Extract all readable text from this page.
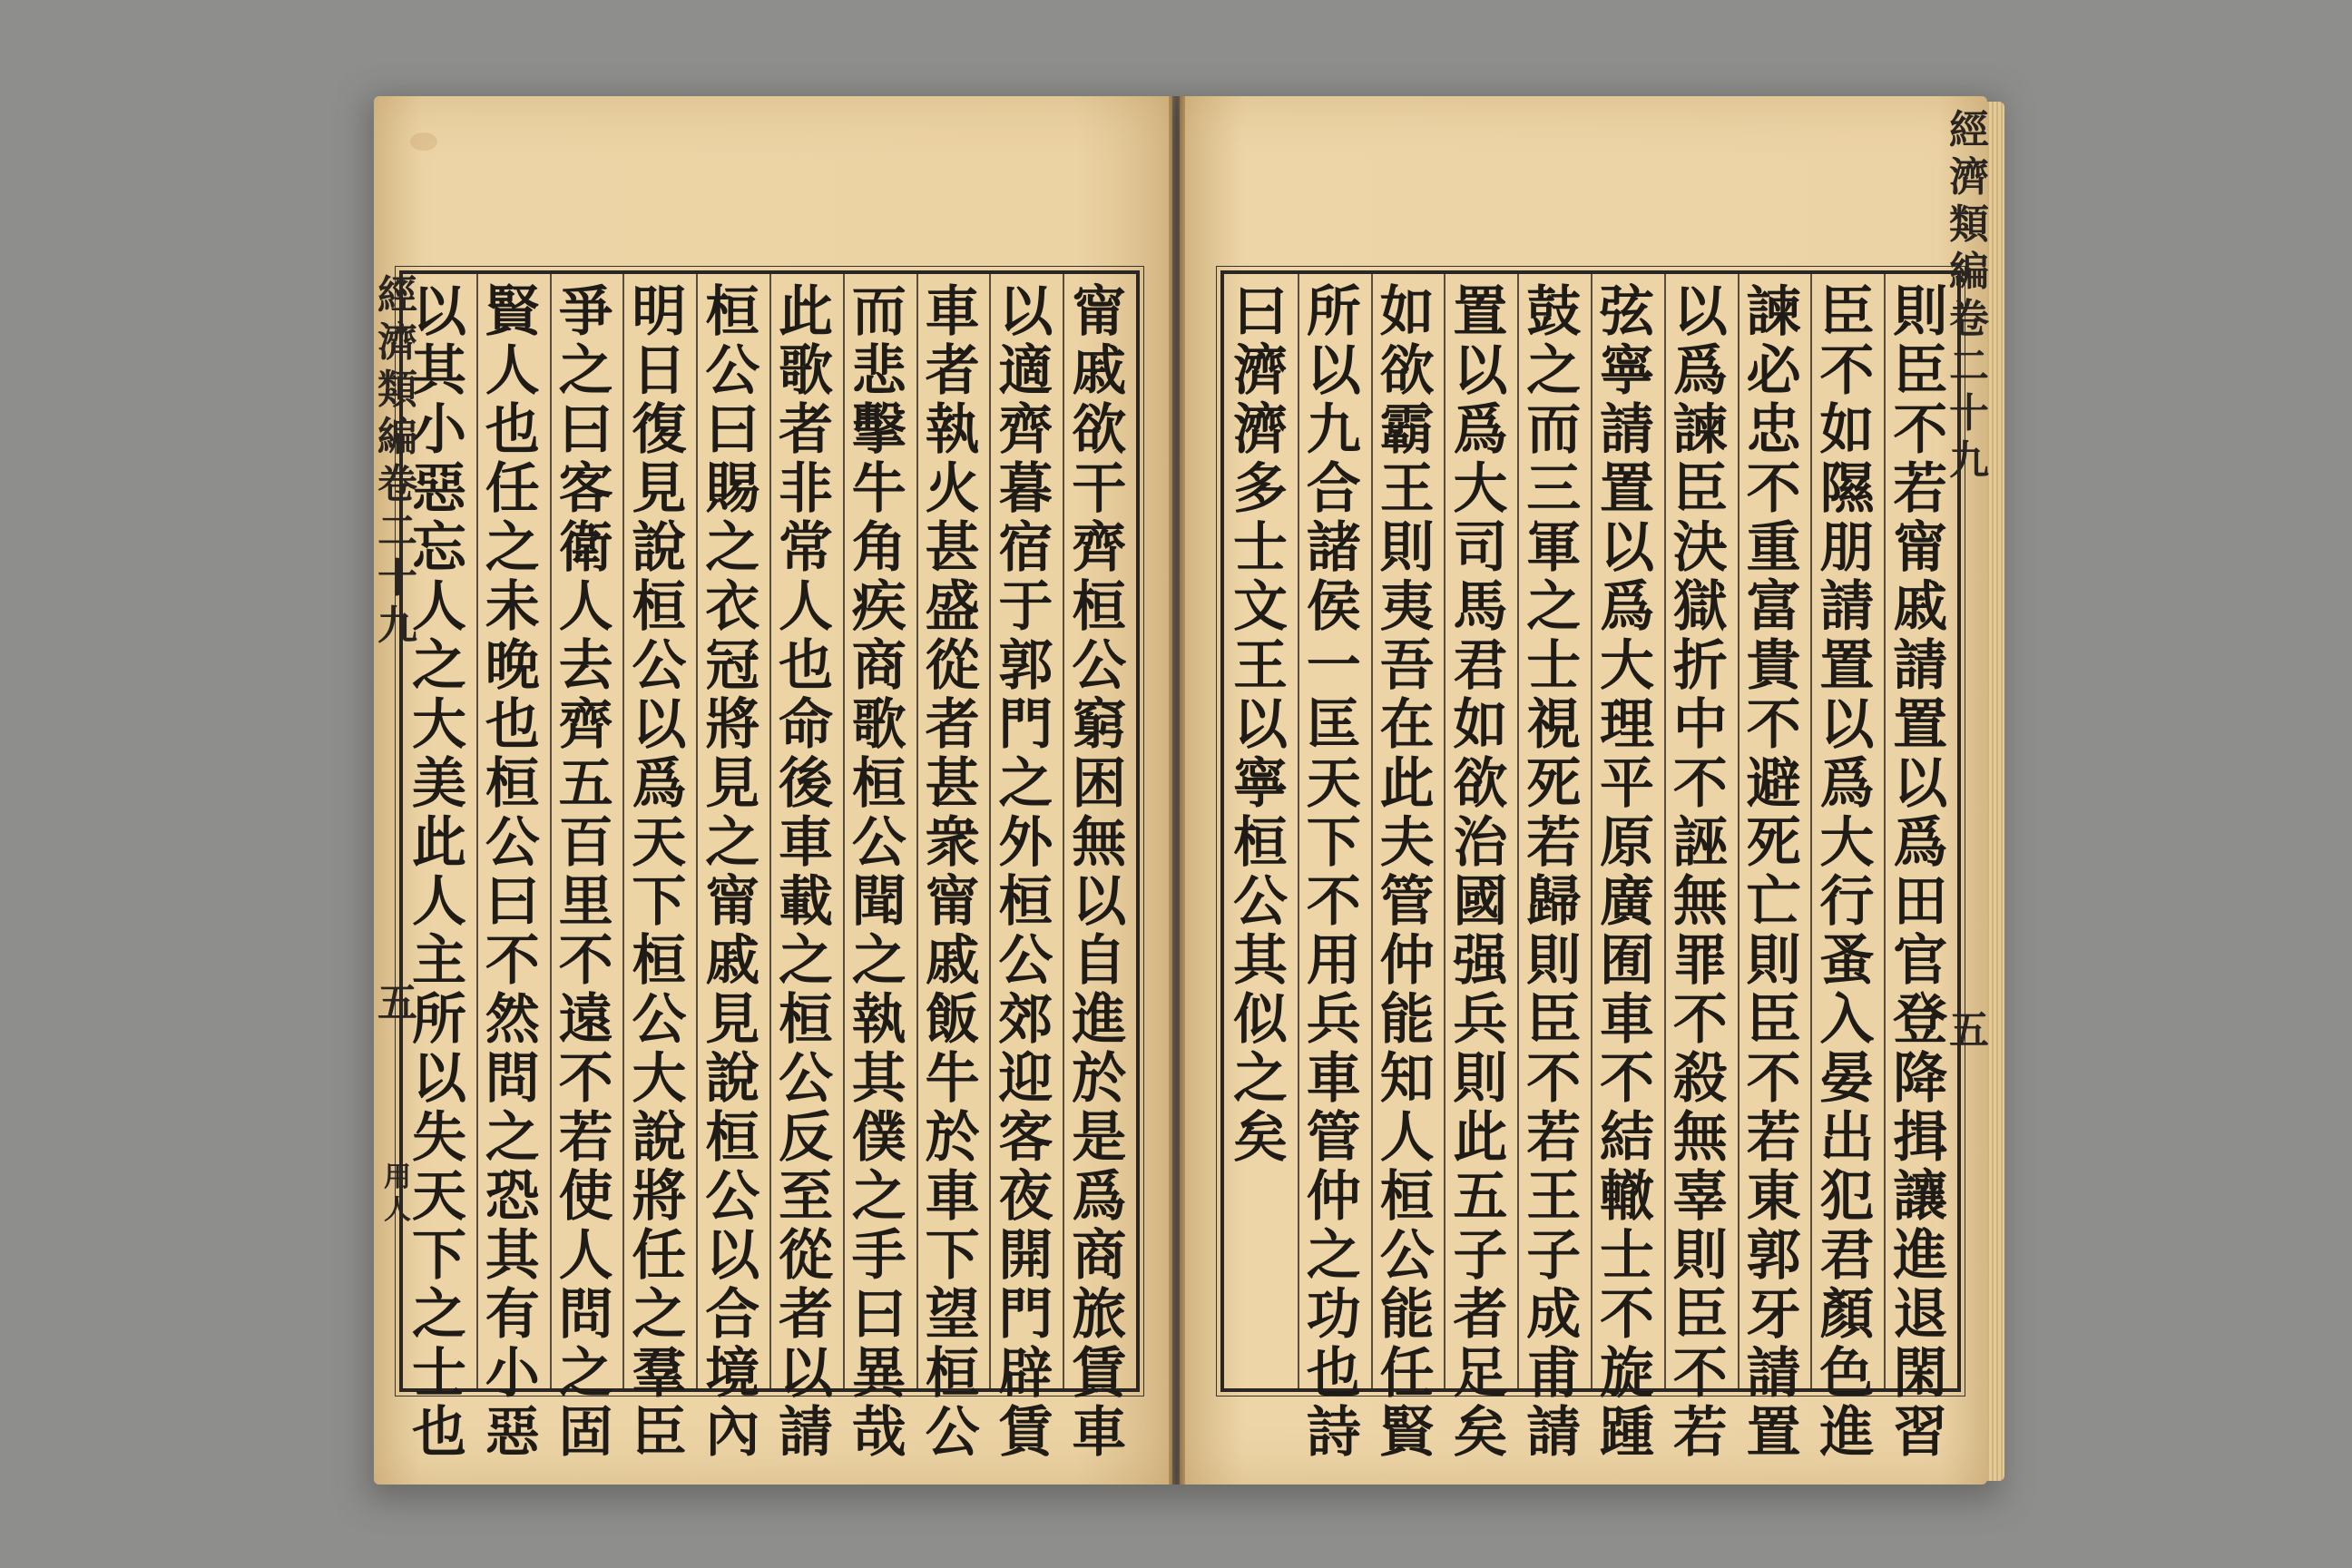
甯
戚
欲
干
齊
桓
公
窮
困
無
以
自
進
於
是
爲
商
旅
賃
車
以
適
齊
暮
宿
于
郭
門
之
外
桓
公
郊
迎
客
夜
開
門
辟
賃
車
者
執
火
甚
盛
從
者
甚
衆
甯
戚
飯
牛
於
車
下
望
桓
公
而
悲
擊
牛
角
疾
商
歌
桓
公
聞
之
執
其
僕
之
手
曰
異
哉
此
歌
者
非
常
人
也
命
後
車
載
之
桓
公
反
至
從
者
以
請
桓
公
曰
賜
之
衣
冠
將
見
之
甯
戚
見
說
桓
公
以
合
境
內
明
日
復
見
說
桓
公
以
爲
天
下
桓
公
大
說
將
任
之
羣
臣
爭
之
曰
客
衛
人
去
齊
五
百
里
不
遠
不
若
使
人
問
之
固
賢
人
也
任
之
未
晚
也
桓
公
曰
不
然
問
之
恐
其
有
小
惡
以
其
小
惡
忘
人
之
大
美
此
人
主
所
以
失
天
下
之
士
也
經
濟
類
編
卷
二
十
九
五
用
人
則
臣
不
若
甯
戚
請
置
以
爲
田
官
登
降
揖
讓
進
退
閑
習
臣
不
如
隰
朋
請
置
以
爲
大
行
蚤
入
晏
出
犯
君
顏
色
進
諫
必
忠
不
重
富
貴
不
避
死
亡
則
臣
不
若
東
郭
牙
請
置
以
爲
諫
臣
決
獄
折
中
不
誣
無
罪
不
殺
無
辜
則
臣
不
若
弦
寧
請
置
以
爲
大
理
平
原
廣
囿
車
不
結
轍
士
不
旋
踵
鼓
之
而
三
軍
之
士
視
死
若
歸
則
臣
不
若
王
子
成
甫
請
置
以
爲
大
司
馬
君
如
欲
治
國
强
兵
則
此
五
子
者
足
矣
如
欲
霸
王
則
夷
吾
在
此
夫
管
仲
能
知
人
桓
公
能
任
賢
所
以
九
合
諸
侯
一
匡
天
下
不
用
兵
車
管
仲
之
功
也
詩
曰
濟
濟
多
士
文
王
以
寧
桓
公
其
似
之
矣
經
濟
類
編
卷
二
十
九
五
